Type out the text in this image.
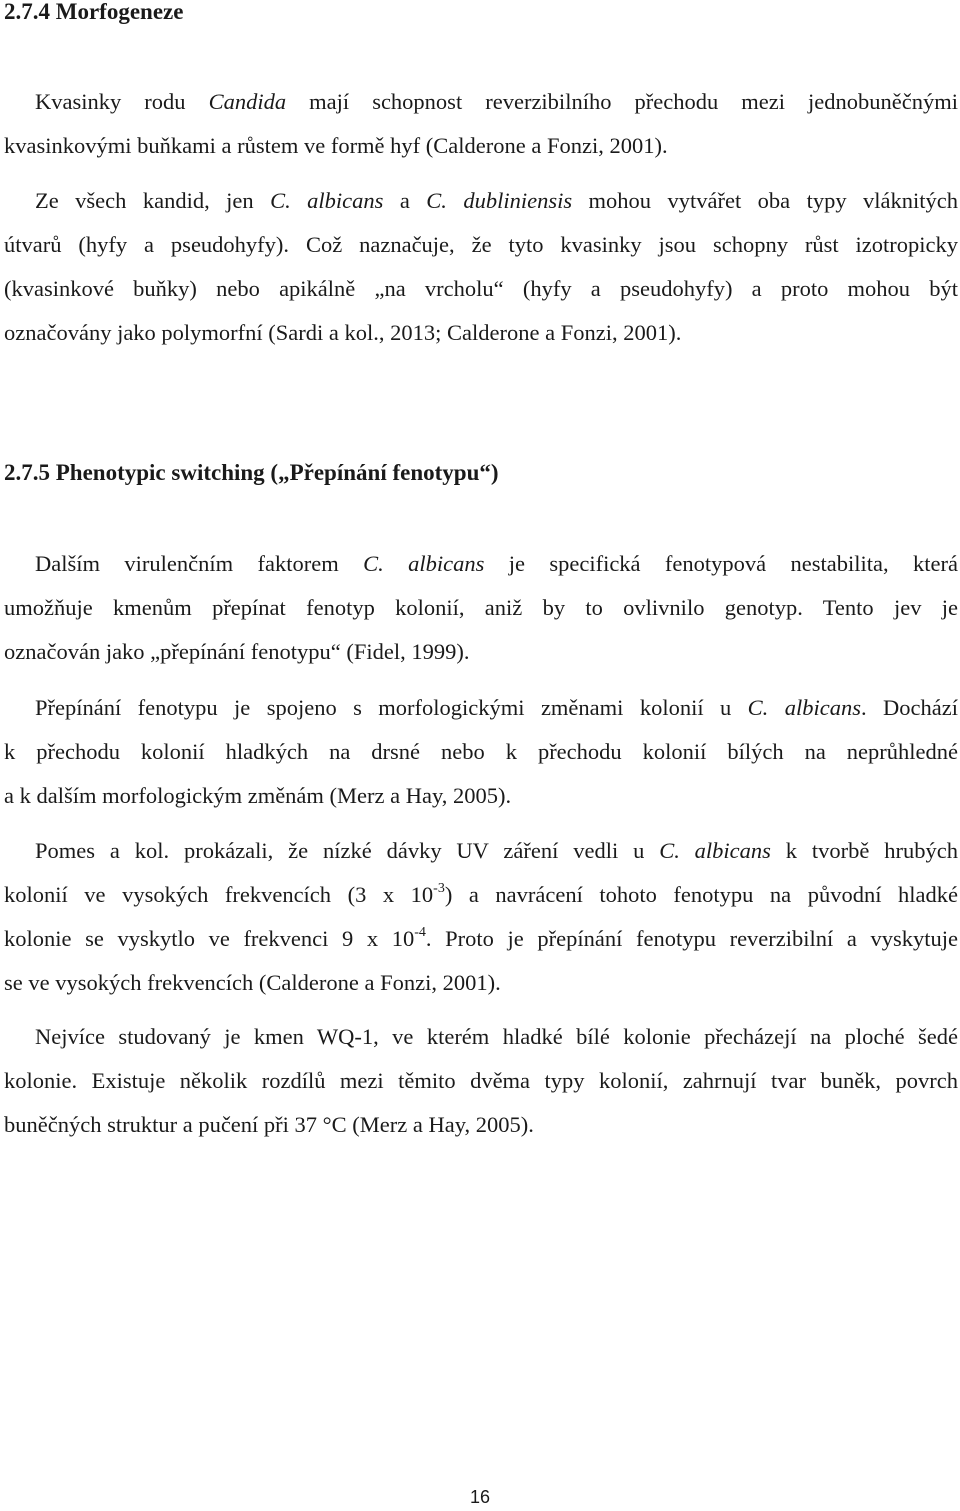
2.7.4 Morfogeneze
Kvasinky rodu Candida mají schopnost reverzibilního přechodu mezi jednobuněčnými
kvasinkovými buňkami a růstem ve formě hyf (Calderone a Fonzi, 2001).
Ze všech kandid, jen C. albicans a C. dubliniensis mohou vytvářet oba typy vláknitých
útvarů (hyfy a pseudohyfy). Což naznačuje, že tyto kvasinky jsou schopny růst izotropicky
(kvasinkové buňky) nebo apikálně „na vrcholu“ (hyfy a pseudohyfy) a proto mohou být
označovány jako polymorfní (Sardi a kol., 2013; Calderone a Fonzi, 2001).
2.7.5 Phenotypic switching („Přepínání fenotypu“)
Dalším virulenčním faktorem C. albicans je specifická fenotypová nestabilita, která
umožňuje kmenům přepínat fenotyp kolonií, aniž by to ovlivnilo genotyp. Tento jev je
označován jako „přepínání fenotypu“ (Fidel, 1999).
Přepínání fenotypu je spojeno s morfologickými změnami kolonií u C. albicans. Dochází
k přechodu kolonií hladkých na drsné nebo k přechodu kolonií bílých na neprůhledné
a k dalším morfologickým změnám (Merz a Hay, 2005).
Pomes a kol. prokázali, že nízké dávky UV záření vedli u C. albicans k tvorbě hrubých
kolonií ve vysokých frekvencích (3 x $10^{-3}$) a navrácení tohoto fenotypu na původní hladké
kolonie se vyskytlo ve frekvenci 9 x $10^{-4}$. Proto je přepínání fenotypu reverzibilní a vyskytuje
se ve vysokých frekvencích (Calderone a Fonzi, 2001).
Nejvíce studovaný je kmen WQ-1, ve kterém hladké bílé kolonie přecházejí na ploché šedé
kolonie. Existuje několik rozdílů mezi těmito dvěma typy kolonií, zahrnují tvar buněk, povrch
buněčných struktur a pučení při 37 °C (Merz a Hay, 2005).
16
